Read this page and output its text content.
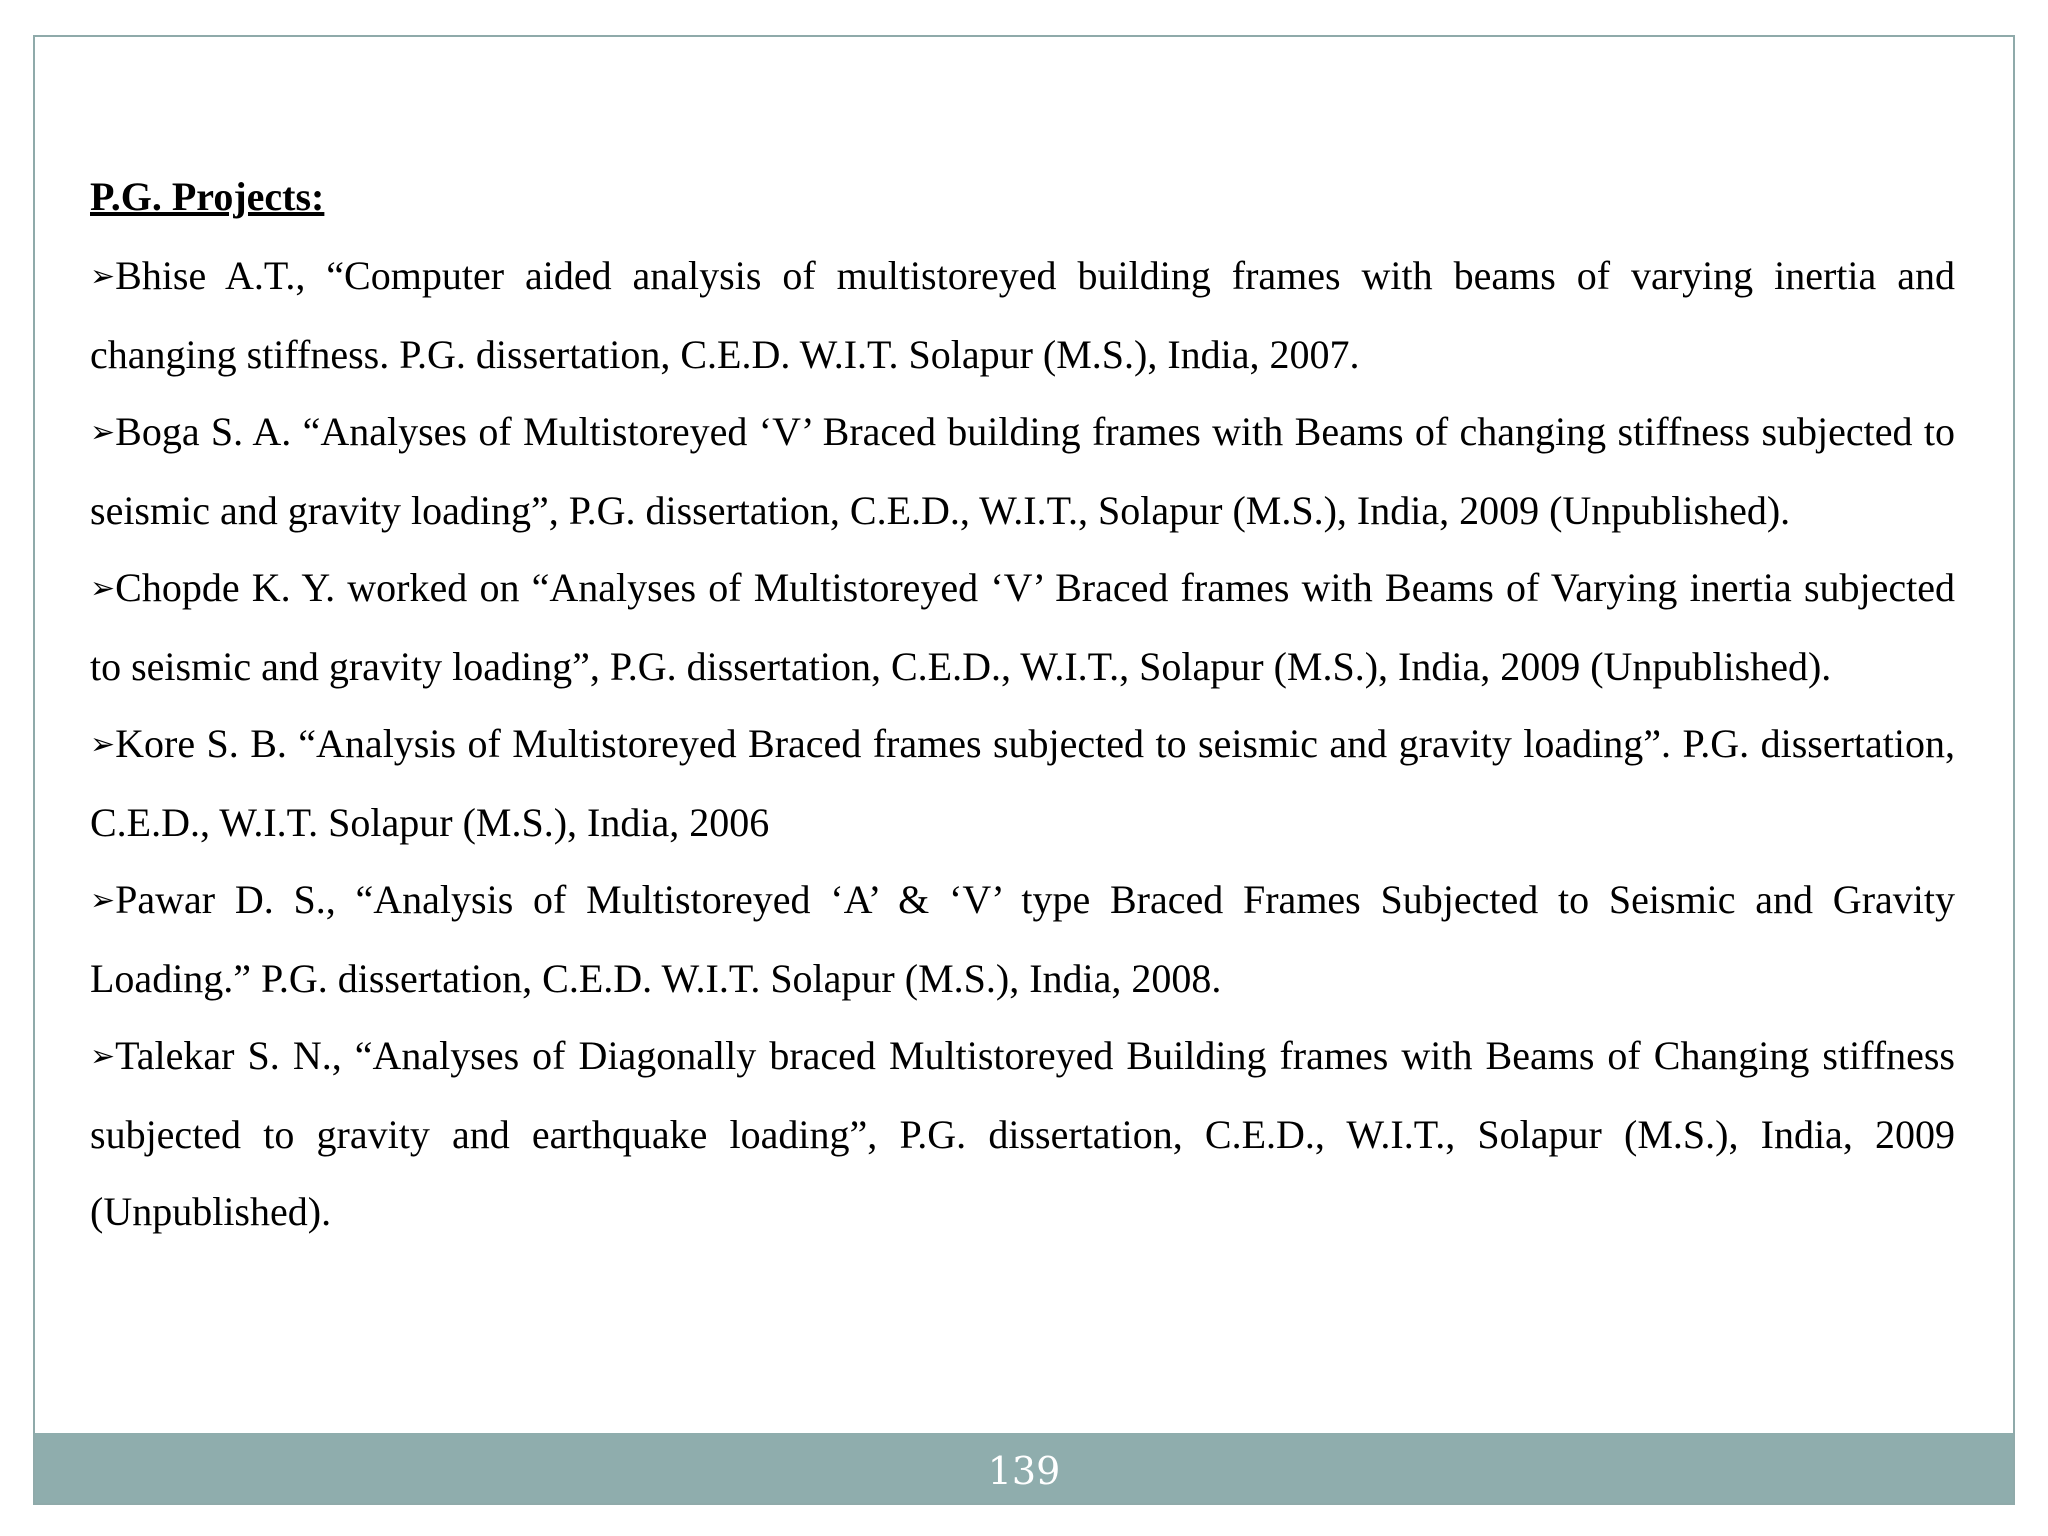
P.G. Projects:

➢Bhise A.T., “Computer aided analysis of multistoreyed building frames with beams of varying inertia and changing stiffness. P.G. dissertation, C.E.D. W.I.T. Solapur (M.S.), India, 2007.

➢Boga S. A. “Analyses of Multistoreyed ‘V’ Braced building frames with Beams of changing stiffness subjected to seismic and gravity loading”, P.G. dissertation, C.E.D., W.I.T., Solapur (M.S.), India, 2009 (Unpublished).

➢Chopde K. Y. worked on “Analyses of Multistoreyed ‘V’ Braced frames with Beams of Varying inertia subjected to seismic and gravity loading”, P.G. dissertation, C.E.D., W.I.T., Solapur (M.S.), India, 2009 (Unpublished).

➢Kore S. B. “Analysis of Multistoreyed Braced frames subjected to seismic and gravity loading”. P.G. dissertation, C.E.D., W.I.T. Solapur (M.S.), India, 2006

➢Pawar D. S., “Analysis of Multistoreyed ‘A’ & ‘V’ type Braced Frames Subjected to Seismic and Gravity Loading.” P.G. dissertation, C.E.D. W.I.T. Solapur (M.S.), India, 2008.

➢Talekar S. N., “Analyses of Diagonally braced Multistoreyed Building frames with Beams of Changing stiffness subjected to gravity and earthquake loading”, P.G. dissertation, C.E.D., W.I.T., Solapur (M.S.), India, 2009 (Unpublished).

139
